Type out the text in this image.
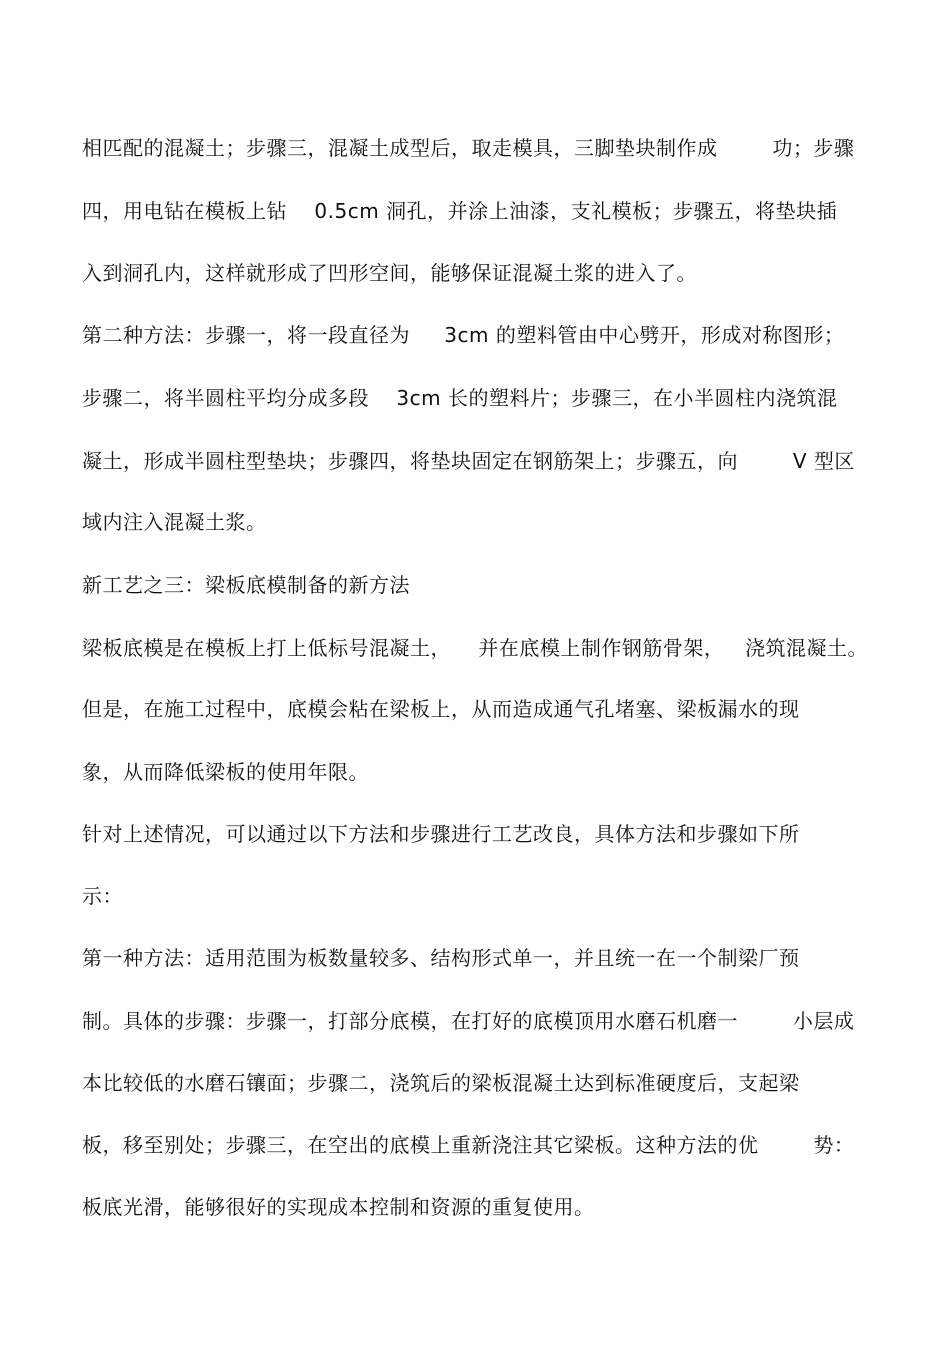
相匹配的混凝土；步骤三，混凝土成型后，取走模具，三脚垫块制作成        功；步骤
四，用电钻在模板上钻    0.5cm 洞孔，并涂上油漆，支礼模板；步骤五，将垫块插
入到洞孔内，这样就形成了凹形空间，能够保证混凝土浆的进入了。
第二种方法：步骤一，将一段直径为     3cm 的塑料管由中心劈开，形成对称图形；
步骤二，将半圆柱平均分成多段    3cm 长的塑料片；步骤三，在小半圆柱内浇筑混
凝土，形成半圆柱型垫块；步骤四，将垫块固定在钢筋架上；步骤五，向        V 型区
域内注入混凝土浆。
新工艺之三：梁板底模制备的新方法
梁板底模是在模板上打上低标号混凝土，    并在底模上制作钢筋骨架，   浇筑混凝土。
但是，在施工过程中，底模会粘在梁板上，从而造成通气孔堵塞、梁板漏水的现
象，从而降低梁板的使用年限。
针对上述情况，可以通过以下方法和步骤进行工艺改良，具体方法和步骤如下所
示：
第一种方法：适用范围为板数量较多、结构形式单一，并且统一在一个制梁厂预
制。具体的步骤：步骤一，打部分底模，在打好的底模顶用水磨石机磨一        小层成
本比较低的水磨石镶面；步骤二，浇筑后的梁板混凝土达到标准硬度后，支起梁
板，移至别处；步骤三，在空出的底模上重新浇注其它梁板。这种方法的优        势：
板底光滑，能够很好的实现成本控制和资源的重复使用。
